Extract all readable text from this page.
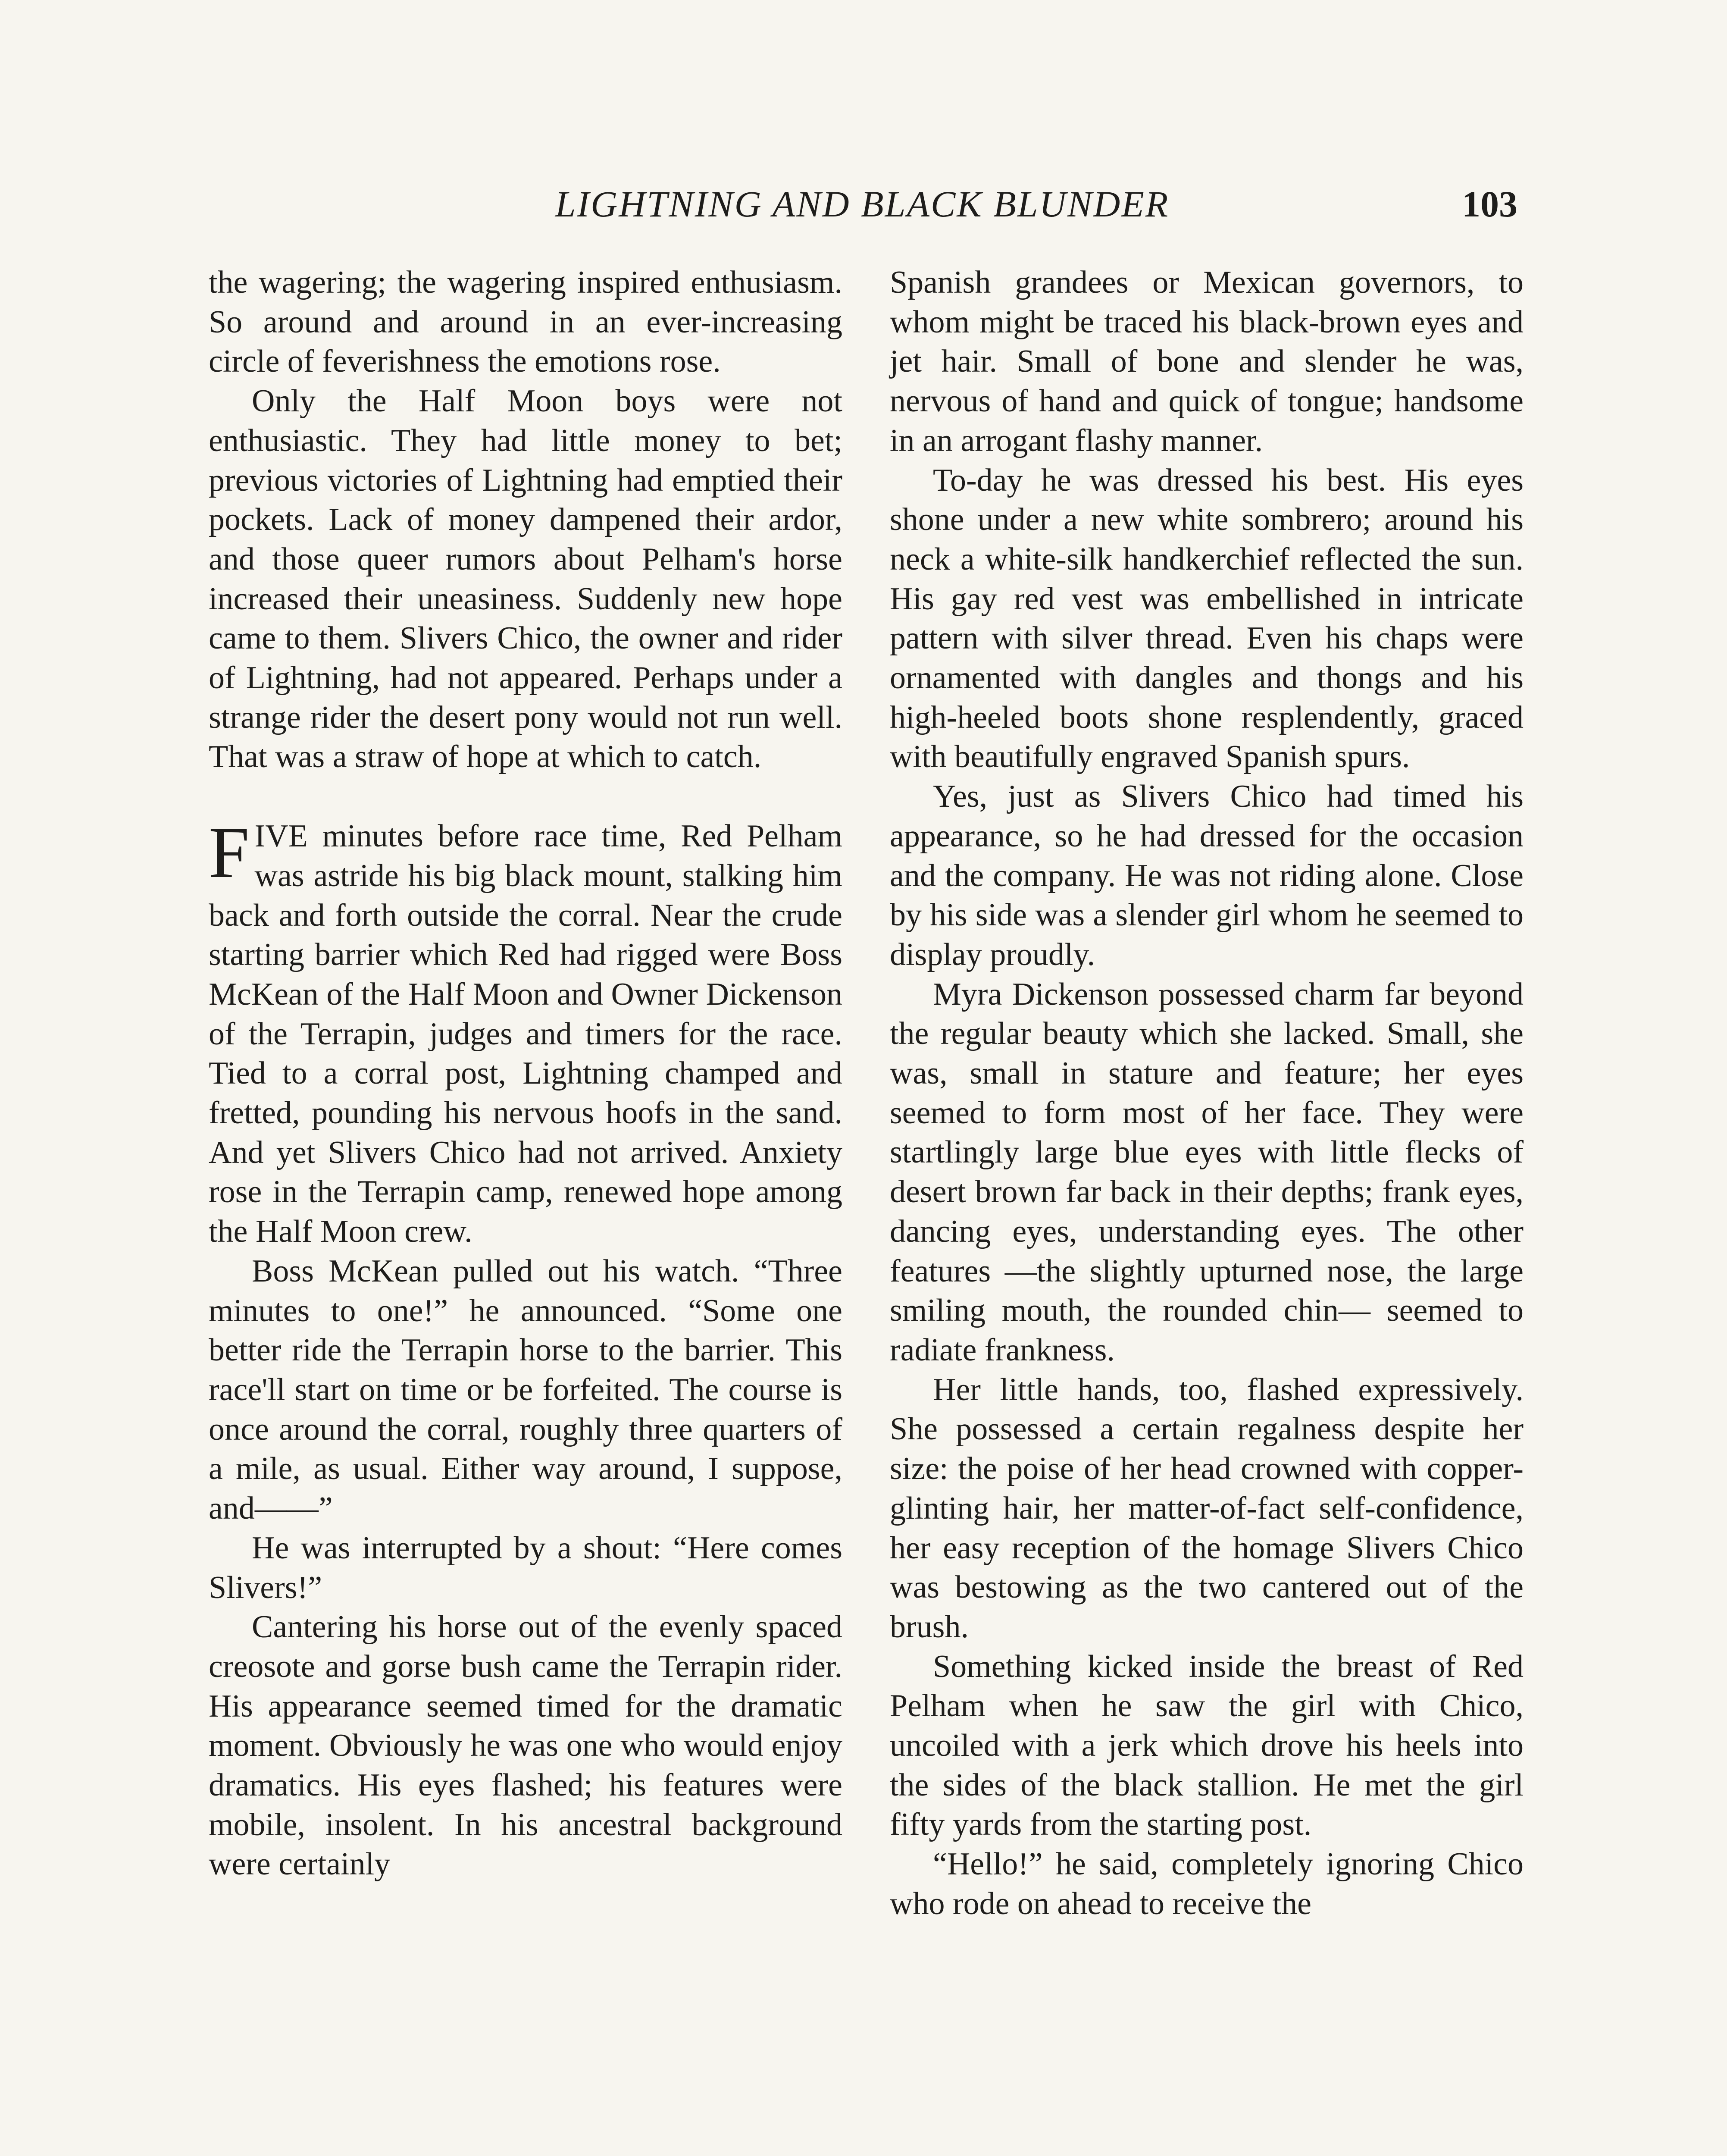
LIGHTNING AND BLACK BLUNDER	103

the wagering; the wagering inspired enthusiasm. So around and around in an ever-increasing circle of feverishness the emotions rose.

Only the Half Moon boys were not enthusiastic. They had little money to bet; previous victories of Lightning had emptied their pockets. Lack of money dampened their ardor, and those queer rumors about Pelham's horse increased their uneasiness. Suddenly new hope came to them. Slivers Chico, the owner and rider of Lightning, had not appeared. Perhaps under a strange rider the desert pony would not run well. That was a straw of hope at which to catch.

FIVE minutes before race time, Red Pelham was astride his big black mount, stalking him back and forth outside the corral. Near the crude starting barrier which Red had rigged were Boss McKean of the Half Moon and Owner Dickenson of the Terrapin, judges and timers for the race. Tied to a corral post, Lightning champed and fretted, pounding his nervous hoofs in the sand. And yet Slivers Chico had not arrived. Anxiety rose in the Terrapin camp, renewed hope among the Half Moon crew.

Boss McKean pulled out his watch. “Three minutes to one!” he announced. “Some one better ride the Terrapin horse to the barrier. This race'll start on time or be forfeited. The course is once around the corral, roughly three quarters of a mile, as usual. Either way around, I suppose, and——”

He was interrupted by a shout: “Here comes Slivers!”

Cantering his horse out of the evenly spaced creosote and gorse bush came the Terrapin rider. His appearance seemed timed for the dramatic moment. Obviously he was one who would enjoy dramatics. His eyes flashed; his features were mobile, insolent. In his ancestral background were certainly

Spanish grandees or Mexican governors, to whom might be traced his black-brown eyes and jet hair. Small of bone and slender he was, nervous of hand and quick of tongue; handsome in an arrogant flashy manner.

To-day he was dressed his best. His eyes shone under a new white sombrero; around his neck a white-silk handkerchief reflected the sun. His gay red vest was embellished in intricate pattern with silver thread. Even his chaps were ornamented with dangles and thongs and his high-heeled boots shone resplendently, graced with beautifully engraved Spanish spurs.

Yes, just as Slivers Chico had timed his appearance, so he had dressed for the occasion and the company. He was not riding alone. Close by his side was a slender girl whom he seemed to display proudly.

Myra Dickenson possessed charm far beyond the regular beauty which she lacked. Small, she was, small in stature and feature; her eyes seemed to form most of her face. They were startlingly large blue eyes with little flecks of desert brown far back in their depths; frank eyes, dancing eyes, understanding eyes. The other features —the slightly upturned nose, the large smiling mouth, the rounded chin— seemed to radiate frankness.

Her little hands, too, flashed expressively. She possessed a certain regalness despite her size: the poise of her head crowned with copper-glinting hair, her matter-of-fact self-confidence, her easy reception of the homage Slivers Chico was bestowing as the two cantered out of the brush.

Something kicked inside the breast of Red Pelham when he saw the girl with Chico, uncoiled with a jerk which drove his heels into the sides of the black stallion. He met the girl fifty yards from the starting post.

“Hello!” he said, completely ignoring Chico who rode on ahead to receive the
